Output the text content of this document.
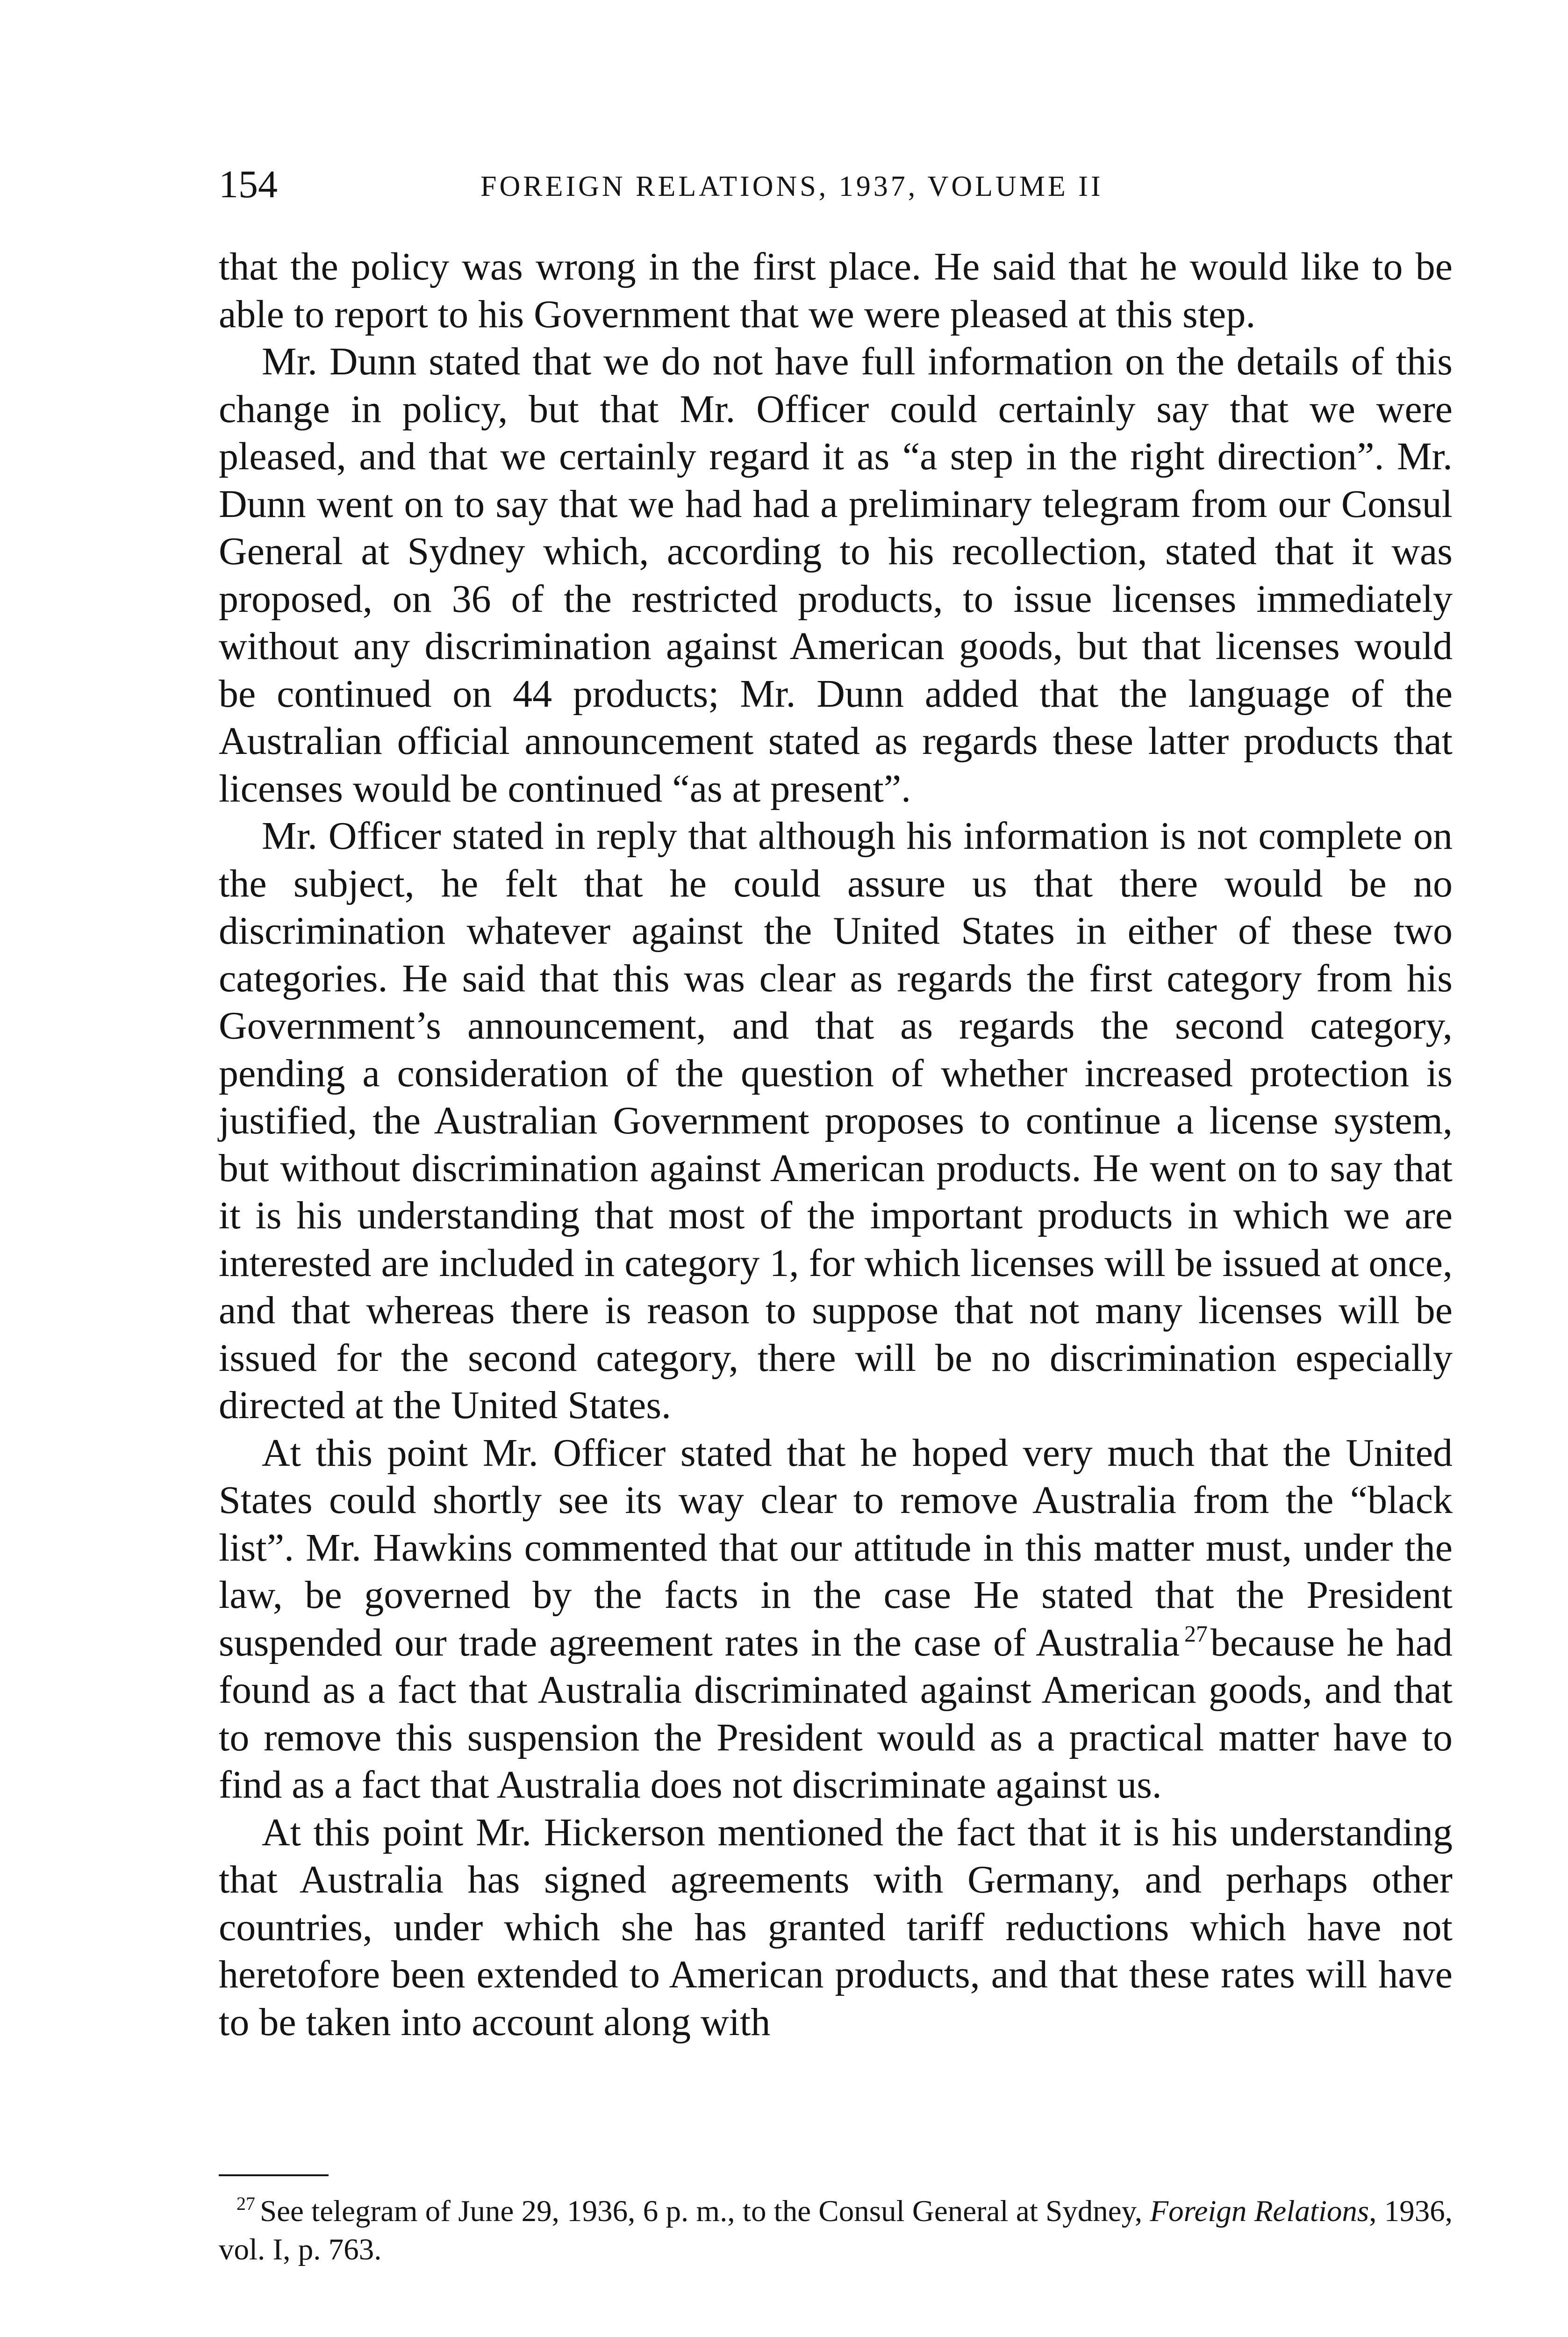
154	FOREIGN RELATIONS, 1937, VOLUME II

that the policy was wrong in the first place. He said that he would like to be able to report to his Government that we were pleased at this step.

Mr. Dunn stated that we do not have full information on the details of this change in policy, but that Mr. Officer could certainly say that we were pleased, and that we certainly regard it as “a step in the right direction”. Mr. Dunn went on to say that we had had a preliminary telegram from our Consul General at Sydney which, according to his recollection, stated that it was proposed, on 36 of the restricted products, to issue licenses immediately without any discrimination against American goods, but that licenses would be continued on 44 products; Mr. Dunn added that the language of the Australian official announcement stated as regards these latter products that licenses would be continued “as at present”.

Mr. Officer stated in reply that although his information is not complete on the subject, he felt that he could assure us that there would be no discrimination whatever against the United States in either of these two categories. He said that this was clear as regards the first category from his Government’s announcement, and that as regards the second category, pending a consideration of the question of whether increased protection is justified, the Australian Government proposes to continue a license system, but without discrimination against American products. He went on to say that it is his understanding that most of the important products in which we are interested are included in category 1, for which licenses will be issued at once, and that whereas there is reason to suppose that not many licenses will be issued for the second category, there will be no discrimination especially directed at the United States.

At this point Mr. Officer stated that he hoped very much that the United States could shortly see its way clear to remove Australia from the “black list”. Mr. Hawkins commented that our attitude in this matter must, under the law, be governed by the facts in the case He stated that the President suspended our trade agreement rates in the case of Australia $^{27}$because he had found as a fact that Australia discriminated against American goods, and that to remove this suspension the President would as a practical matter have to find as a fact that Australia does not discriminate against us.

At this point Mr. Hickerson mentioned the fact that it is his understanding that Australia has signed agreements with Germany, and perhaps other countries, under which she has granted tariff reductions which have not heretofore been extended to American products, and that these rates will have to be taken into account along with

$^{27}$ See telegram of June 29, 1936, 6 p. m., to the Consul General at Sydney, Foreign Relations, 1936, vol. I, p. 763.
